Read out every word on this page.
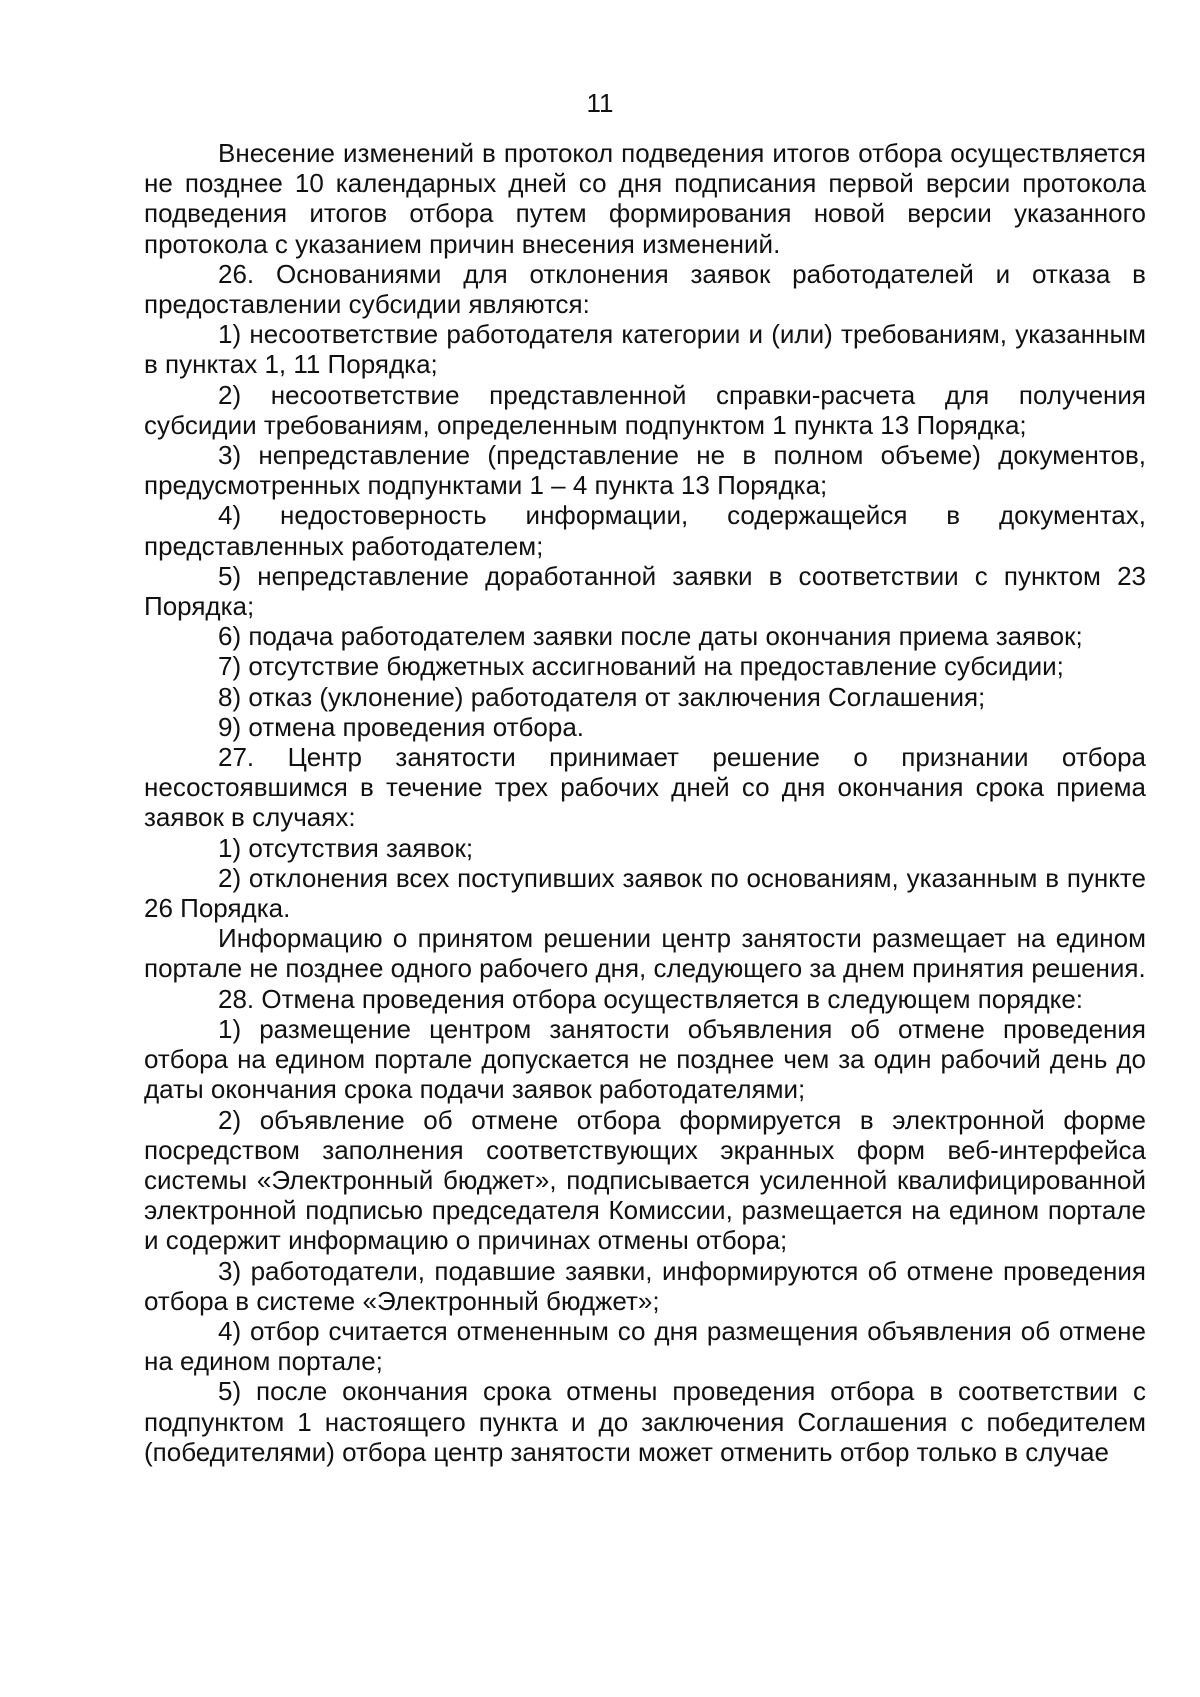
11

Внесение изменений в протокол подведения итогов отбора осуществляется не позднее 10 календарных дней со дня подписания первой версии протокола подведения итогов отбора путем формирования новой версии указанного протокола с указанием причин внесения изменений.

26. Основаниями для отклонения заявок работодателей и отказа в предоставлении субсидии являются:

1) несоответствие работодателя категории и (или) требованиям, указанным в пунктах 1, 11 Порядка;

2) несоответствие представленной справки-расчета для получения субсидии требованиям, определенным подпунктом 1 пункта 13 Порядка;

3) непредставление (представление не в полном объеме) документов, предусмотренных подпунктами 1 – 4 пункта 13 Порядка;

4) недостоверность информации, содержащейся в документах, представленных работодателем;

5) непредставление доработанной заявки в соответствии с пунктом 23 Порядка;

6) подача работодателем заявки после даты окончания приема заявок;

7) отсутствие бюджетных ассигнований на предоставление субсидии;

8) отказ (уклонение) работодателя от заключения Соглашения;

9) отмена проведения отбора.

27. Центр занятости принимает решение о признании отбора несостоявшимся в течение трех рабочих дней со дня окончания срока приема заявок в случаях:

1) отсутствия заявок;

2) отклонения всех поступивших заявок по основаниям, указанным в пункте 26 Порядка.

Информацию о принятом решении центр занятости размещает на едином портале не позднее одного рабочего дня, следующего за днем принятия решения.

28. Отмена проведения отбора осуществляется в следующем порядке:

1) размещение центром занятости объявления об отмене проведения отбора на едином портале допускается не позднее чем за один рабочий день до даты окончания срока подачи заявок работодателями;

2) объявление об отмене отбора формируется в электронной форме посредством заполнения соответствующих экранных форм веб-интерфейса системы «Электронный бюджет», подписывается усиленной квалифицированной электронной подписью председателя Комиссии, размещается на едином портале и содержит информацию о причинах отмены отбора;

3) работодатели, подавшие заявки, информируются об отмене проведения отбора в системе «Электронный бюджет»;

4) отбор считается отмененным со дня размещения объявления об отмене на едином портале;

5) после окончания срока отмены проведения отбора в соответствии с подпунктом 1 настоящего пункта и до заключения Соглашения с победителем (победителями) отбора центр занятости может отменить отбор только в случае
